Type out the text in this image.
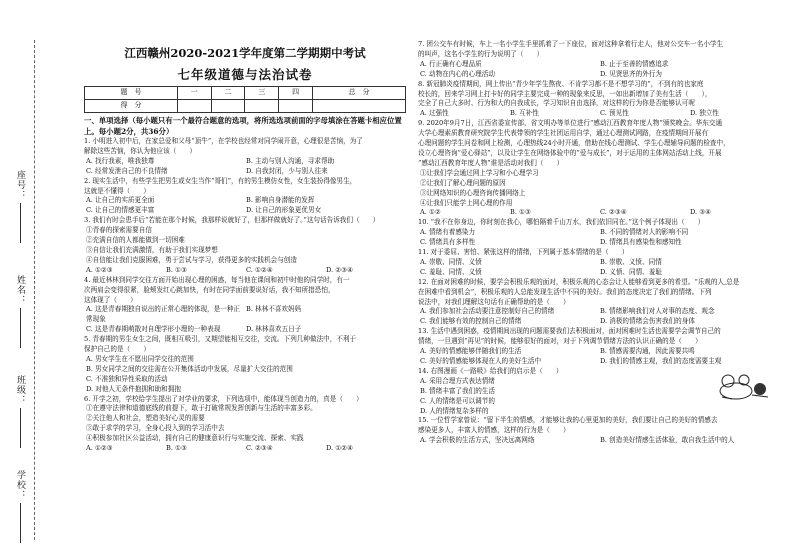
座号：
姓名：
班级：
学校：
江西赣州2020-2021学年度第二学期期中考试
七年级道德与法治试卷
题　号	一	二	三	四	总　分
得　分					
一、单项选择（每小题只有一个最符合题意的选项，将所选选项前面的字母填涂在答题卡相应位置上。每小题2分，共36分）
1. 小明进入初中后，在家总爱和父母“顶牛”，在学校也经常对同学闹开意，心理很是苦恼，为了
解除这些苦恼，你认为他应该（　　）
A. 找行我素，唯我独尊	B. 主动与别人沟通，寻求帮助
C. 经常发泄自己的不良情绪	D. 自我封闭，少与别人往来
2. 现实生活中，有些学生把男生或女生当作“哥们”，有的男生模仿女性，女生装扮得像男生，
这就是不懂得（　　）
A. 让自己的实质更全面	B. 影响自身潜能的发挥
C. 让自己的情感更丰富	D. 让自己的形象更优男女
3. 我们有时会患手后“若能在那个时候，我那样说就好了，但那样做就好了。”这句话告诉我们（　　）
①青春的探索需要自信
②充满自信的人都能做到一切困难
③自信让我们充满激情，有助于我们实现梦想
④自信能让我们克服困难，勇于尝试与学习，获得更多的实践机会与创造
A. ①②③	B. ①③	C. ①②④	D. ②③④
4. 最近林林到同学交往方面开始出现心理的困惑，每当他在课间和初中时他的同学时，有一
次两肩会变得很紧，脸颊发红心跳加快，有时在同学面前要说好话，我不知所措恐怕，
这体现了（　　）
A. 这是青春期独自说出的正常心理的体现，是一种正常现象
B. 林林不喜欢妈妈
C. 这是青春期萌散对自理学形小理的一种表现	D. 林林喜欢五日子
5. 青春期的男生女生之间，既相互吸引，又期望能相互交往，交流。下列几种做法中，不利于
保护自己的是（　　）
A. 男女学生在不愿出同学交往的范围
B. 男女同学之间的交往需在公开集体活动中发展，尽量扩大交往的范围
C. 不准独和异性采取的活动
D. 对他人无条件抱拥和助和拥抱
6. 开学之初，学校给学生提出了对学业的要求，下列选项中，能体现当创造力的，真是（　　）
①在遵守法律和道德底线的前提下，敢于打破常规发挥创新与生活的丰富多彩。
②关注他人和社会，塑造美好心灵的需要
③敢于求学的学习，全身心投入到的学习活中去
④积极参加社区公益活动，拥有自己的健康意识行与实施交流、探索、实践
A. ①②③	B. ①③	C. ②③④	D. ①②④
7. 团公交车有时候，车上一名小学生手里抓着了一下座位，面对这种拿着行走人，他对公交车一名小学生
的叫声，这名小学生的行为说明了（　　）
A. 行正确有心理品质	B. 止于至善的情感追求
C. 动物在内心的心理活动	D. 见贤思齐的外行为
8. 新冠肺炎疫情期间，网上传出“青少年学生熬夜、不肯学习都不是不想学习的”，不到有的也家庭
校长的，回来学习网上打卡好的同学主要完成一种的现象来反思，一如出新增加了美有生活（　　），
完全了自己大多时、行为和大的自我成长，学习知识自由选择，对这样的行为你是否能够认可呢
A. 过强性	B. 互补性	C. 预见性	D. 独立性
9. 2020年9月7日，江西省委宣传部，省文明办等单位进行“感动江西教育年度人物”颁奖晚会。华东交通
大学心理素质教育研究院学生代表带领的学生社团运用自学，通过心理测试网路，在疫情期间开展有
心理问题的学生问卷和网上检测，心理热线24小时开通，借助在线心理测试、学生心理辅导问题的检查中，
设立心理咨询“爱心驿站”，以及让学生在网络体验中的“爱与成长”，对于运用的主体网站活动上线，开展
“感动江西教育年度人物”谁是活动对我们（　　）
①让我们学会通过网上学习和小心理学习
②让我们了解心理问题的原因
③让网络知识的心理咨询传播网络上
④让我们只能学上网心理的作用
A. ①②	B. ①③	C. ②③④	D. ③④
10. “我不在你身边，你时刻在我心，哪怕隔着千山万水，我们依旧同在。”这个例子体现出（　　）
A. 情绪有着感染力	B. 不同的情绪对人的影响不同
C. 情绪具有多样性	D. 情绪具有感染性和感知性
11. 对于委屈、害怕、紧张这样的情绪，下列属于基本情绪的是（　　）
A. 崇敬、同情、义愤	B. 崇敬、义愤、同情
C. 羞耻、同情、义愤	D. 义愤、同情、羞耻
12. 在面对困难的时候，要学会积极乐观的面对，积极乐观的心态会让人能够看到更多的希望。“乐观的人,总是
在困难中看到机会”，积极乐观的人总能发现生活中不同的美好。我们的态度决定了我们的情绪。下列
说法中，对我们理解这句话有正确帮助的是（　　）
A. 我们参加社会活动要注意控制好自己的情绪	B. 情绪影响我们对人对事的态度、观念
C. 我们能够有效的控制自己的情绪	D. 消极的情绪会伤害我们的身体
13. 生活中遇到困惑，疫情期间出现的问题需要我们去积极面对，面对困难时生活也需要学会调节自己的
情绪，一旦遇到“再见”的时候，能够很好的面对，对于下列调节情绪方法的认识正确的是（　　）
A. 美好的情感能够伴随我们的生活	B. 情感需要沟通，因此需要共鸣
C. 美好的情感能够体现在人的美好生活中	D. 我们的情感主观，我们的态度需要主观
14. 右图漫画《一路吸》给我们的启示是（　　）
A. 采用合理方式表达情绪
B. 情绪丰富了我们的生活
C. 人的情绪是可以调节的
D. 人的情绪复杂多样的
15. 一位哲学家曾说：“留下半生的情感，才能够让我的心里更加的美好，我们要让自己的美好的情感去
感染更多人，丰富人的情感，这样的行为是（　　）
A. 学会积极的生活方式，坚决远离网络	B. 创造美好情感生活体验，敢自我生活中的人
